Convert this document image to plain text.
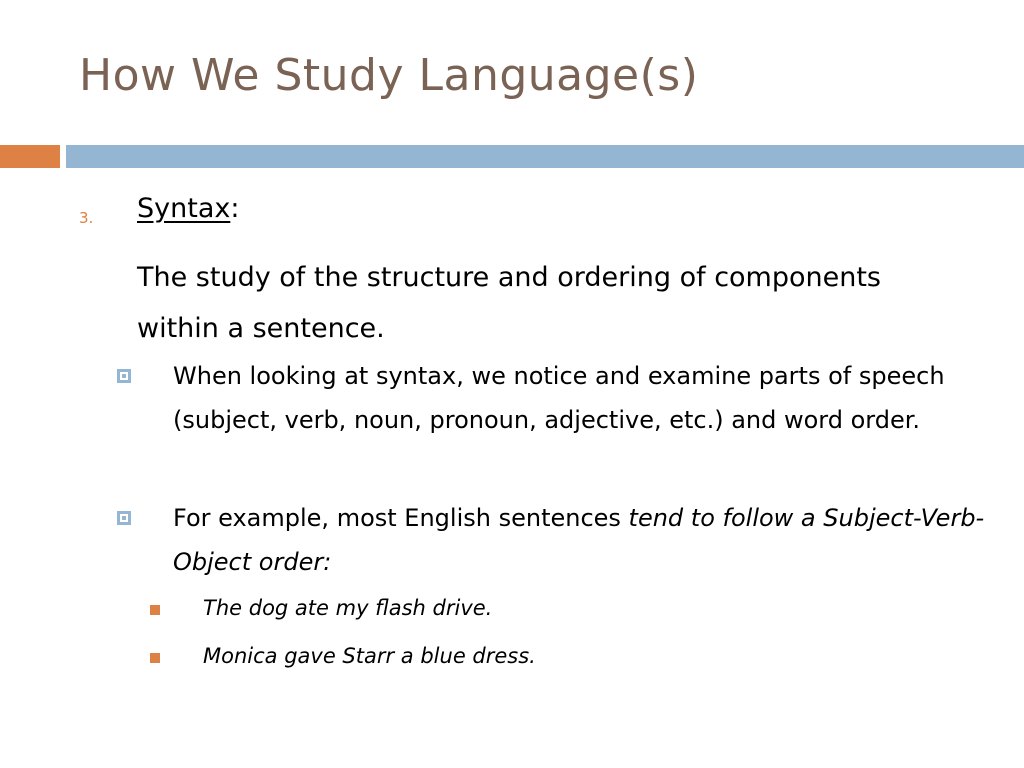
How We Study Language(s)
3. Syntax:
The study of the structure and ordering of components within a sentence.
When looking at syntax, we notice and examine parts of speech (subject, verb, noun, pronoun, adjective, etc.) and word order.
For example, most English sentences tend to follow a Subject-Verb-Object order:
The dog ate my flash drive.
Monica gave Starr a blue dress.
